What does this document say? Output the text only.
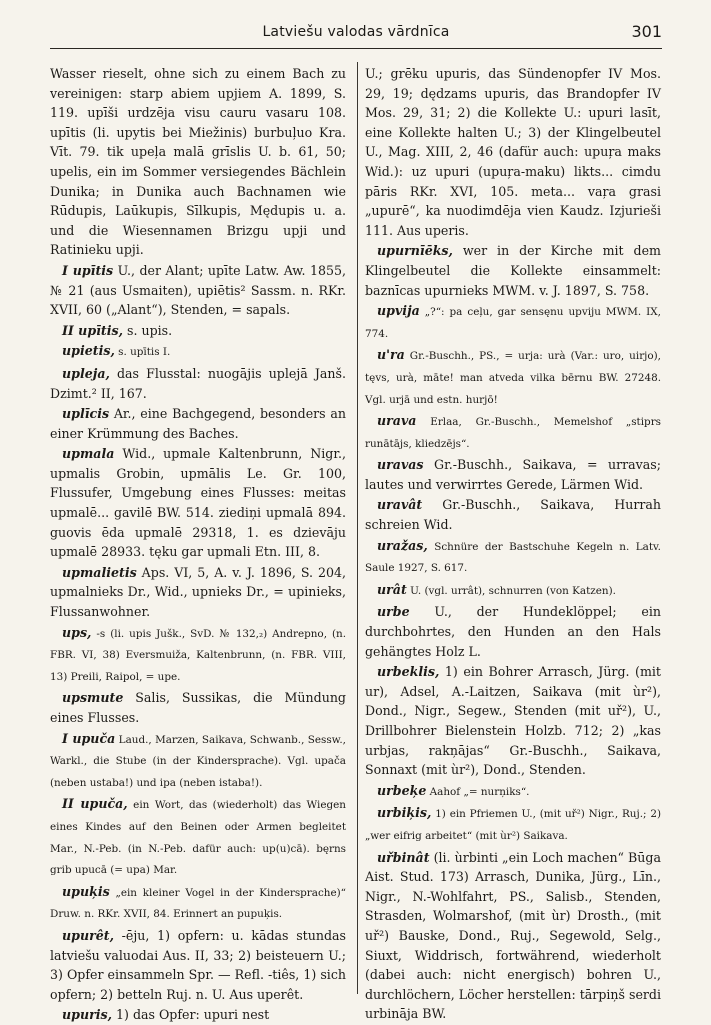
Latviešu valodas vārdnīca	301

Wasser rieselt, ohne sich zu einem Bach zu vereinigen: starp abiem upjiem A. 1899, S. 119. upīši urdzēja visu cauru vasaru 108. upītis (li. upytis bei Miežinis) burbuļuo Kra. Vīt. 79. tik upeļa malā grīslis U. b. 61, 50; upelis, ein im Sommer versiegendes Bächlein Dunika; in Dunika auch Bachnamen wie Rūdupis, Laūkupis, Sīlkupis, Mędupis u. a. und die Wiesennamen Brizgu upji und Ratinieku upji.

I upītis U., der Alant; upīte Latw. Aw. 1855, № 21 (aus Usmaiten), upiētis² Sassm. n. RKr. XVII, 60 („Alant“), Stenden, = sapals.

II upītis, s. upis.

upietis, s. upītis I.

upleja, das Flusstal: nuogājis uplejā Janš. Dzimt.² II, 167.

uplīcis Ar., eine Bachgegend, besonders an einer Krümmung des Baches.

upmala Wid., upmale Kaltenbrunn, Nigr., upmalis Grobin, upmālis Le. Gr. 100, Flussufer, Umgebung eines Flusses: meitas upmalē... gavilē BW. 514. ziediņi upmalā 894. guovis ēda upmalē 29318, 1. es dzievāju upmalē 28933. tęku gar upmali Etn. III, 8.

upmalietis Aps. VI, 5, A. v. J. 1896, S. 204, upmalnieks Dr., Wid., upnieks Dr., = upinieks, Flussanwohner.

ups, -s (li. upis Jušk., SvD. № 132,₂) Andrepno, (n. FBR. VI, 38) Eversmuiža, Kaltenbrunn, (n. FBR. VIII, 13) Preili, Raipol, = upe.

upsmute Salis, Sussikas, die Mündung eines Flusses.

I upuča Laud., Marzen, Saikava, Schwanb., Sessw., Warkl., die Stube (in der Kindersprache). Vgl. upača (neben ustaba!) und ipa (neben istaba!).

II upuča, ein Wort, das (wiederholt) das Wiegen eines Kindes auf den Beinen oder Armen begleitet Mar., N.-Peb. (in N.-Peb. dafür auch: up(u)cā). bęrns grib upucā (= upa) Mar.

upuķis „ein kleiner Vogel in der Kindersprache)“ Druw. n. RKr. XVII, 84. Erinnert an pupuķis.

upurêt, -ēju, 1) opfern: u. kādas stundas latviešu valuodai Aus. II, 33; 2) beisteuern U.; 3) Opfer einsammeln Spr. — Refl. -tiês, 1) sich opfern; 2) betteln Ruj. n. U. Aus uperêt.

upuris, 1) das Opfer: upuri nest

U.; grēku upuris, das Sündenopfer IV Mos. 29, 19; dędzams upuris, das Brandopfer IV Mos. 29, 31; 2) die Kollekte U.: upuri lasīt, eine Kollekte halten U.; 3) der Klingelbeutel U., Mag. XIII, 2, 46 (dafür auch: upuŗa maks Wid.): uz upuri (upuŗa-maku) likts... cimdu pāris RKr. XVI, 105. meta... vaŗa grasi „upurē“, ka nuodimdēja vien Kaudz. Izjurieši 111. Aus uperis.

upurnīēks, wer in der Kirche mit dem Klingelbeutel die Kollekte einsammelt: baznīcas upurnieks MWM. v. J. 1897, S. 758.

upvija „?“: pa ceļu, gar sensęnu upviju MWM. IX, 774.

u'ra Gr.-Buschh., PS., = urja: urà (Var.: uro, uirjo), tęvs, urà, māte! man atveda vilka bērnu BW. 27248. Vgl. urjā und estn. hurjō!

urava Erlaa, Gr.-Buschh., Memelshof „stiprs runātājs, kliedzējs“.

uravas Gr.-Buschh., Saikava, = urravas; lautes und verwirrtes Gerede, Lärmen Wid.

uravât Gr.-Buschh., Saikava, Hurrah schreien Wid.

uražas, Schnüre der Bastschuhe Kegeln n. Latv. Saule 1927, S. 617.

urât U. (vgl. urrât), schnurren (von Katzen).

urbe U., der Hundeklöppel; ein durchbohrtes, den Hunden an den Hals gehängtes Holz L.

urbeklis, 1) ein Bohrer Arrasch, Jürg. (mit ur), Adsel, A.-Laitzen, Saikava (mit ùr²), Dond., Nigr., Segew., Stenden (mit uř²), U., Drillbohrer Bielenstein Holzb. 712; 2) „kas urbjas, rakņājas“ Gr.-Buschh., Saikava, Sonnaxt (mit ùr²), Dond., Stenden.

urbeķe Aahof „= nurņiks“.

urbiķis, 1) ein Pfriemen U., (mit uř²) Nigr., Ruj.; 2) „wer eifrig arbeitet“ (mit ùr²) Saikava.

uřbinât (li. ùrbinti „ein Loch machen“ Būga Aist. Stud. 173) Arrasch, Dunika, Jürg., Līn., Nigr., N.-Wohlfahrt, PS., Salisb., Stenden, Strasden, Wolmarshof, (mit ùr) Drosth., (mit uř²) Bauske, Dond., Ruj., Segewold, Selg., Siuxt, Widdrisch, fortwährend, wiederholt (dabei auch: nicht energisch) bohren U., durchlöchern, Löcher herstellen: tārpiņš serdi urbināja BW.
